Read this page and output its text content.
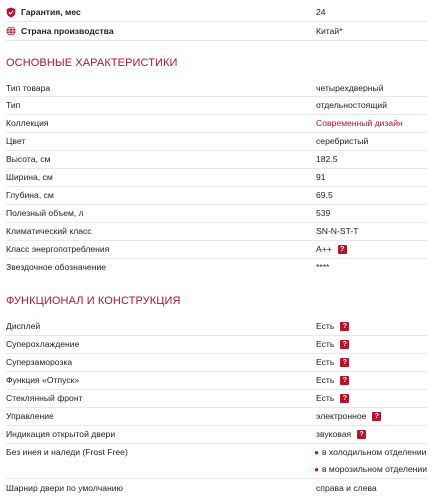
Гарантия, мес	24
Страна производства	Китай*
ОСНОВНЫЕ ХАРАКТЕРИСТИКИ
Тип товара	четырехдверный
Тип	отдельностоящий
Коллекция	Современный дизайн
Цвет	серебристый
Высота, см	182.5
Ширина, см	91
Глубина, см	69.5
Полезный объем, л	539
Климатический класс	SN-N-ST-T
Класс энергопотребления	A++	?
Звездочное обозначение	****
ФУНКЦИОНАЛ И КОНСТРУКЦИЯ
Дисплей	Есть	?
Суперохлаждение	Есть	?
Суперзаморозка	Есть	?
Функция «Отпуск»	Есть	?
Стеклянный фронт	Есть	?
Управление	электронное	?
Индикация открытой двери	звуковая	?
Без инея и наледи (Frost Free)	● в холодильном отделении
● в морозильном отделении
Шарнир двери по умолчанию	справа и слева
